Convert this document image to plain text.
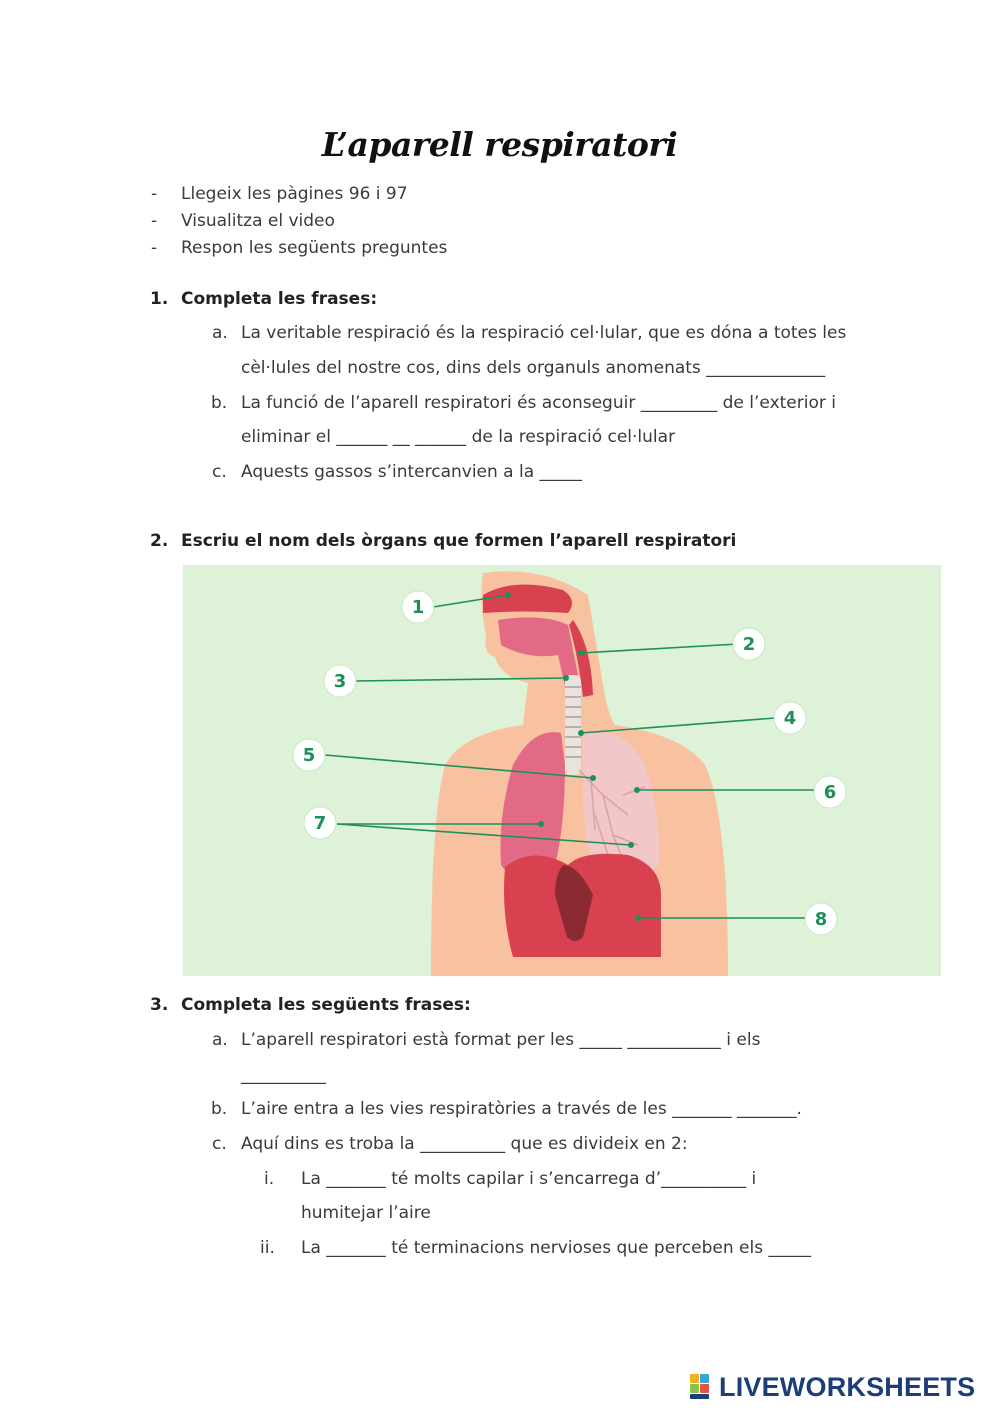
L’aparell respiratori
- Llegeix les pàgines 96 i 97
- Visualitza el video
- Respon les següents preguntes
1. Completa les frases:
a. La veritable respiració és la respiració cel·lular, que es dóna a totes les
cèl·lules del nostre cos, dins dels organuls anomenats ______________
b. La funció de l’aparell respiratori és aconseguir _________ de l’exterior i
eliminar el ______ __ ______ de la respiració cel·lular
c. Aquests gassos s’intercanvien a la _____
2. Escriu el nom dels òrgans que formen l’aparell respiratori
1
2
3
4
5
6
7
8
3. Completa les següents frases:
a. L’aparell respiratori està format per les _____ ___________ i els
__________
b. L’aire entra a les vies respiratòries a través de les _______ _______.
c. Aquí dins es troba la __________ que es divideix en 2:
i. La _______ té molts capilar i s’encarrega d’__________ i
humitejar l’aire
ii. La _______ té terminacions nervioses que perceben els _____
LIVEWORKSHEETS
